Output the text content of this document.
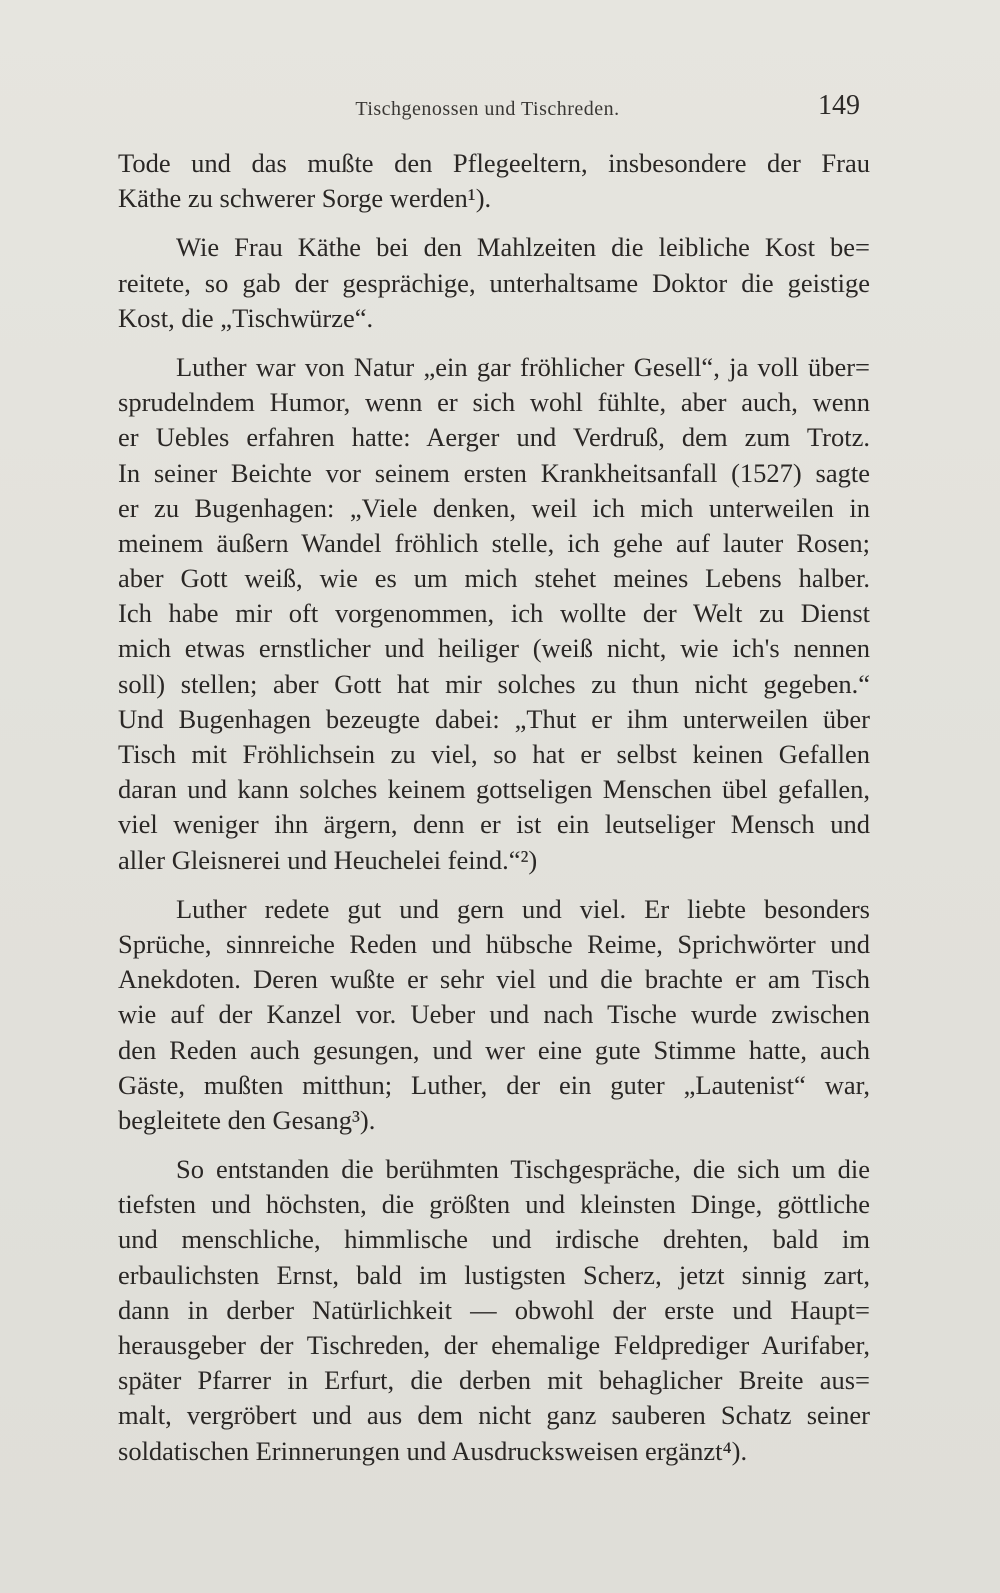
Tischgenossen und Tischreden.	149
Tode und das mußte den Pflegeeltern, insbesondere der Frau
Käthe zu schwerer Sorge werden¹).
Wie Frau Käthe bei den Mahlzeiten die leibliche Kost be=
reitete, so gab der gesprächige, unterhaltsame Doktor die geistige
Kost, die „Tischwürze“.
Luther war von Natur „ein gar fröhlicher Gesell“, ja voll über=
sprudelndem Humor, wenn er sich wohl fühlte, aber auch, wenn
er Uebles erfahren hatte: Aerger und Verdruß, dem zum Trotz.
In seiner Beichte vor seinem ersten Krankheitsanfall (1527) sagte
er zu Bugenhagen: „Viele denken, weil ich mich unterweilen in
meinem äußern Wandel fröhlich stelle, ich gehe auf lauter Rosen;
aber Gott weiß, wie es um mich stehet meines Lebens halber.
Ich habe mir oft vorgenommen, ich wollte der Welt zu Dienst
mich etwas ernstlicher und heiliger (weiß nicht, wie ich's nennen
soll) stellen; aber Gott hat mir solches zu thun nicht gegeben.“
Und Bugenhagen bezeugte dabei: „Thut er ihm unterweilen über
Tisch mit Fröhlichsein zu viel, so hat er selbst keinen Gefallen
daran und kann solches keinem gottseligen Menschen übel gefallen,
viel weniger ihn ärgern, denn er ist ein leutseliger Mensch und
aller Gleisnerei und Heuchelei feind.“²)
Luther redete gut und gern und viel. Er liebte besonders
Sprüche, sinnreiche Reden und hübsche Reime, Sprichwörter und
Anekdoten. Deren wußte er sehr viel und die brachte er am Tisch
wie auf der Kanzel vor. Ueber und nach Tische wurde zwischen
den Reden auch gesungen, und wer eine gute Stimme hatte, auch
Gäste, mußten mitthun; Luther, der ein guter „Lautenist“ war,
begleitete den Gesang³).
So entstanden die berühmten Tischgespräche, die sich um die
tiefsten und höchsten, die größten und kleinsten Dinge, göttliche
und menschliche, himmlische und irdische drehten, bald im
erbaulichsten Ernst, bald im lustigsten Scherz, jetzt sinnig zart,
dann in derber Natürlichkeit — obwohl der erste und Haupt=
herausgeber der Tischreden, der ehemalige Feldprediger Aurifaber,
später Pfarrer in Erfurt, die derben mit behaglicher Breite aus=
malt, vergröbert und aus dem nicht ganz sauberen Schatz seiner
soldatischen Erinnerungen und Ausdrucksweisen ergänzt⁴).
